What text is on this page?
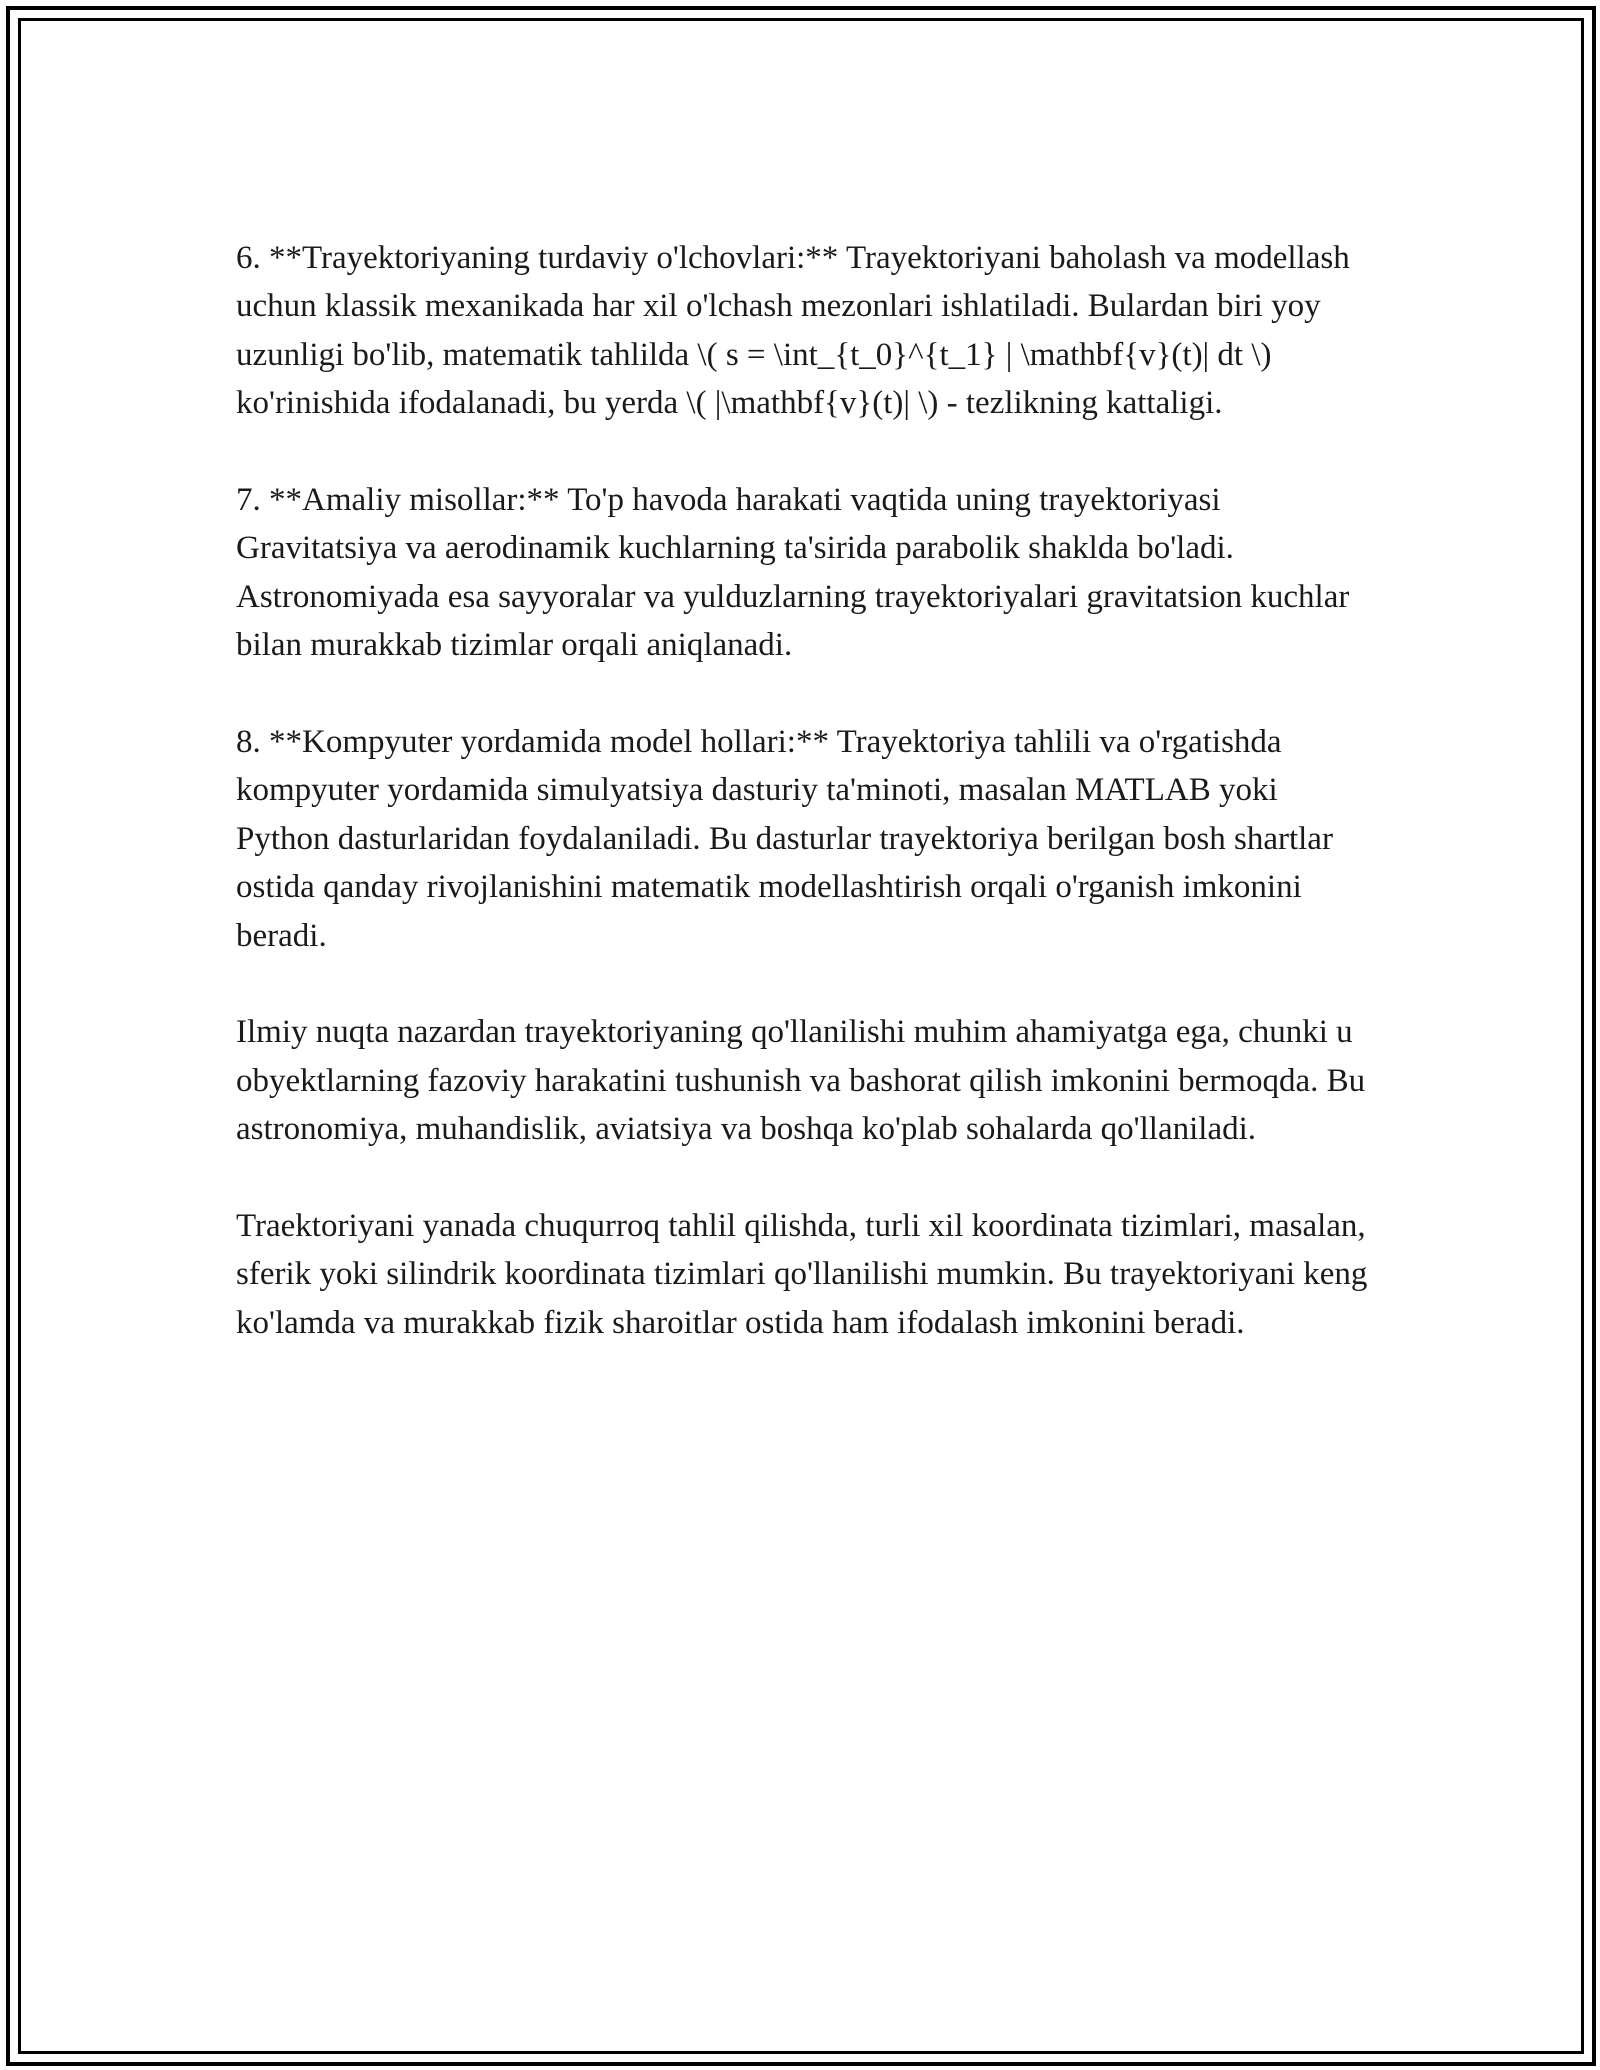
6. **Trayektoriyaning turdaviy o'lchovlari:** Trayektoriyani baholash va modellash uchun klassik mexanikada har xil o'lchash mezonlari ishlatiladi. Bulardan biri yoy uzunligi bo'lib, matematik tahlilda \( s = \int_{t_0}^{t_1} | \mathbf{v}(t)| dt \) ko'rinishida ifodalanadi, bu yerda \( |\mathbf{v}(t)| \) - tezlikning kattaligi.

7. **Amaliy misollar:** To'p havoda harakati vaqtida uning trayektoriyasi Gravitatsiya va aerodinamik kuchlarning ta'sirida parabolik shaklda bo'ladi. Astronomiyada esa sayyoralar va yulduzlarning trayektoriyalari gravitatsion kuchlar bilan murakkab tizimlar orqali aniqlanadi.

8. **Kompyuter yordamida model hollari:** Trayektoriya tahlili va o'rgatishda kompyuter yordamida simulyatsiya dasturiy ta'minoti, masalan MATLAB yoki Python dasturlaridan foydalaniladi. Bu dasturlar trayektoriya berilgan bosh shartlar ostida qanday rivojlanishini matematik modellashtirish orqali o'rganish imkonini beradi.

Ilmiy nuqta nazardan trayektoriyaning qo'llanilishi muhim ahamiyatga ega, chunki u obyektlarning fazoviy harakatini tushunish va bashorat qilish imkonini bermoqda. Bu astronomiya, muhandislik, aviatsiya va boshqa ko'plab sohalarda qo'llaniladi.

Traektoriyani yanada chuqurroq tahlil qilishda, turli xil koordinata tizimlari, masalan, sferik yoki silindrik koordinata tizimlari qo'llanilishi mumkin. Bu trayektoriyani keng ko'lamda va murakkab fizik sharoitlar ostida ham ifodalash imkonini beradi.
